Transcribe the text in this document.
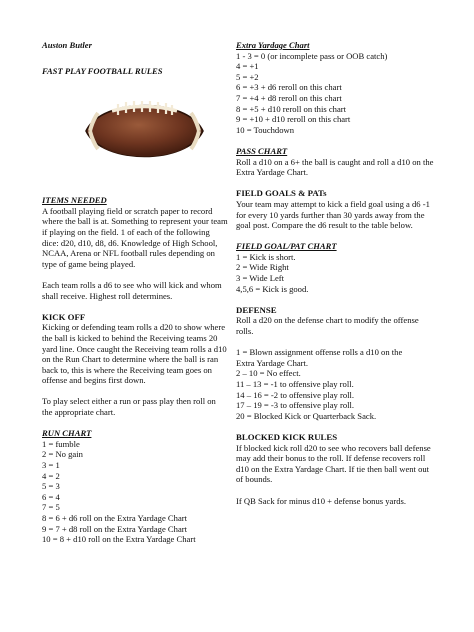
Auston Butler

FAST PLAY FOOTBALL RULES

ITEMS NEEDED

A football playing field or scratch paper to record where the ball is at. Something to represent your team if playing on the field. 1 of each of the following dice: d20, d10, d8, d6. Knowledge of High School, NCAA, Arena or NFL football rules depending on type of game being played.

Each team rolls a d6 to see who will kick and whom shall receive. Highest roll determines.

KICK OFF

Kicking or defending team rolls a d20 to show where the ball is kicked to behind the Receiving teams 20 yard line. Once caught the Receiving team rolls a d10 on the Run Chart to determine where the ball is ran back to, this is where the Receiving team goes on offense and begins first down.

To play select either a run or pass play then roll on the appropriate chart.

RUN CHART

1 = fumble
2 = No gain
3 = 1
4 = 2
5 = 3
6 = 4
7 = 5
8 = 6 + d6 roll on the Extra Yardage Chart
9 = 7 + d8 roll on the Extra Yardage Chart
10 = 8 + d10 roll on the Extra Yardage Chart

Extra Yardage Chart

1 - 3 = 0 (or incomplete pass or OOB catch)
4 = +1
5 = +2
6 = +3 + d6 reroll on this chart
7 = +4 + d8 reroll on this chart
8 = +5 + d10 reroll on this chart
9 = +10 + d10 reroll on this chart
10 = Touchdown

PASS CHART

Roll a d10 on a 6+ the ball is caught and roll a d10 on the Extra Yardage Chart.

FIELD GOALS & PATs

Your team may attempt to kick a field goal using a d6 -1 for every 10 yards further than 30 yards away from the goal post. Compare the d6 result to the table below.

FIELD GOAL/PAT CHART

1 = Kick is short.
2 = Wide Right
3 = Wide Left
4,5,6 = Kick is good.

DEFENSE

Roll a d20 on the defense chart to modify the offense rolls.

1 = Blown assignment offense rolls a d10 on the
Extra Yardage Chart.
2 – 10 = No effect.
11 – 13 = -1 to offensive play roll.
14 – 16 = -2 to offensive play roll.
17 – 19 = -3 to offensive play roll.
20 = Blocked Kick or Quarterback Sack.

BLOCKED KICK RULES

If blocked kick roll d20 to see who recovers ball defense may add their bonus to the roll. If defense recovers roll d10 on the Extra Yardage Chart. If tie then ball went out of bounds.

If QB Sack for minus d10 + defense bonus yards.
